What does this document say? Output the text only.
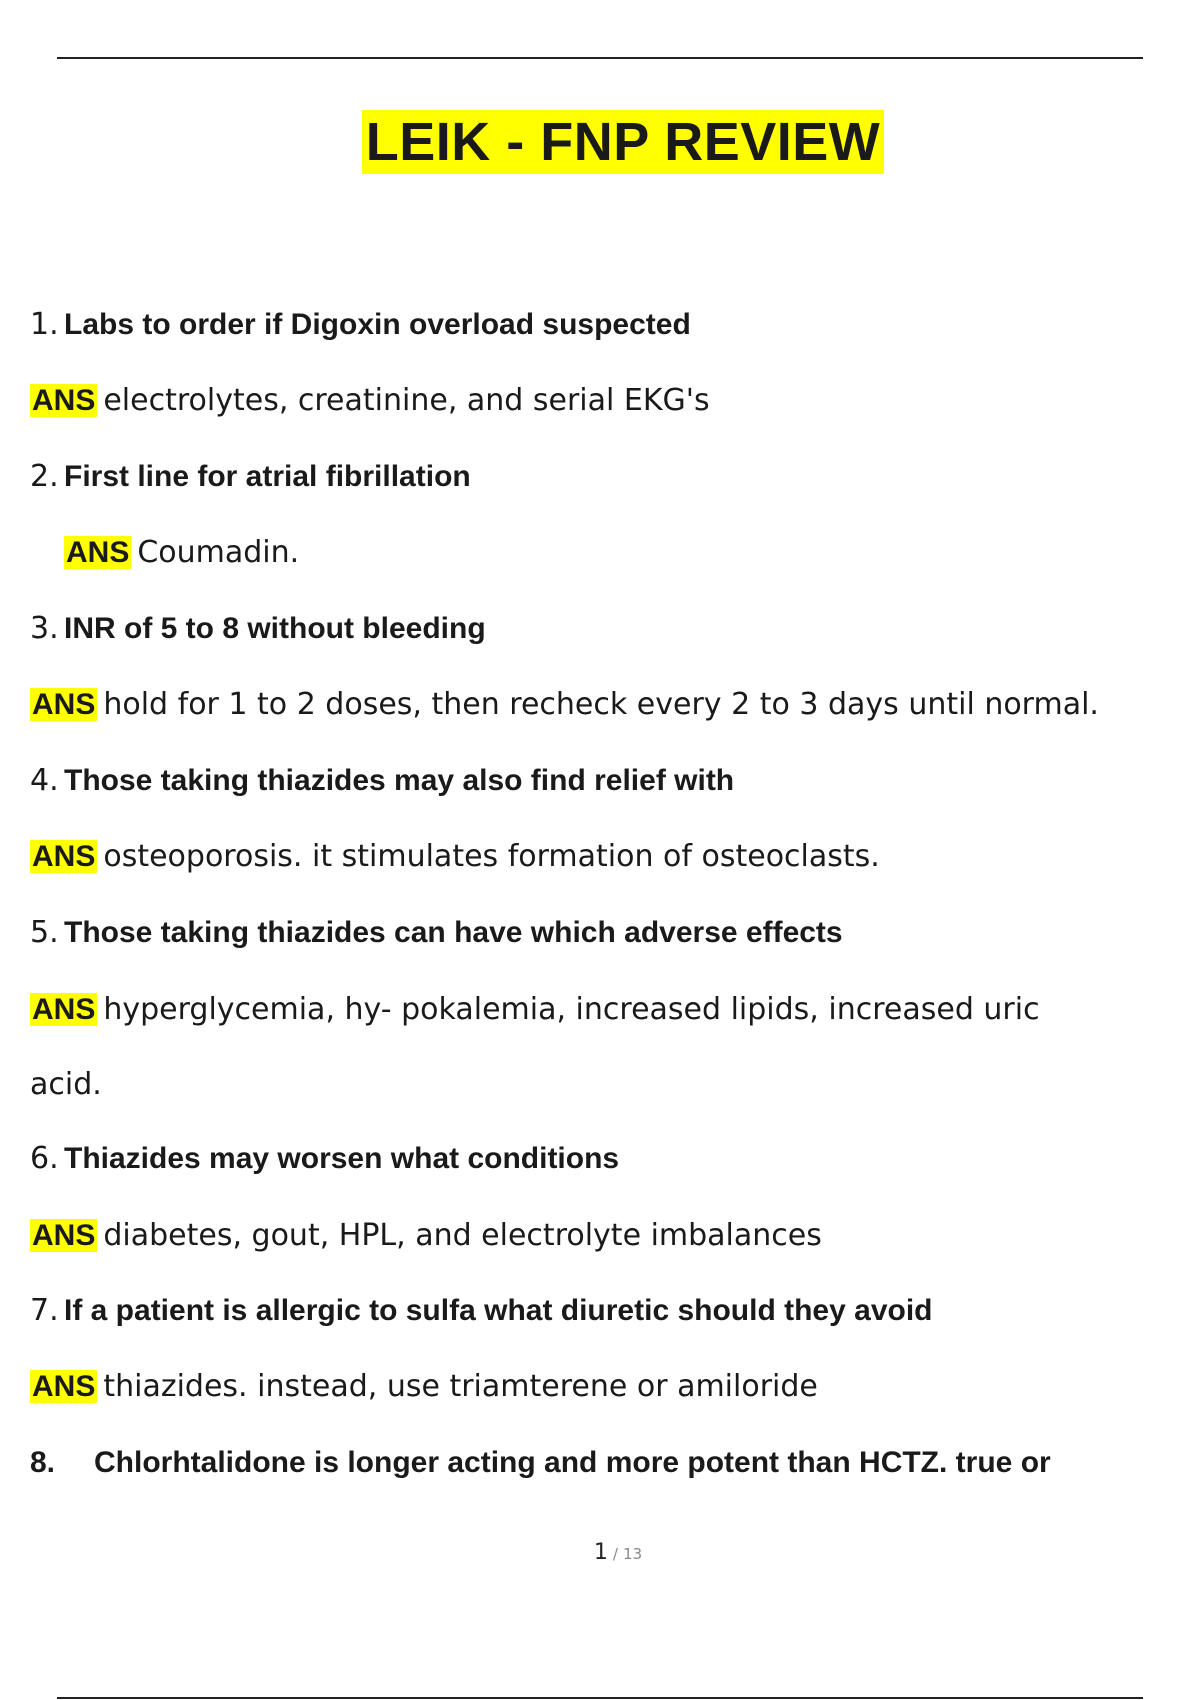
LEIK - FNP REVIEW
1. Labs to order if Digoxin overload suspected
ANS electrolytes, creatinine, and serial EKG's
2. First line for atrial fibrillation
ANS Coumadin.
3. INR of 5 to 8 without bleeding
ANS hold for 1 to 2 doses, then recheck every 2 to 3 days until normal.
4. Those taking thiazides may also find relief with
ANS osteoporosis. it stimulates formation of osteoclasts.
5. Those taking thiazides can have which adverse effects
ANS hyperglycemia, hy- pokalemia, increased lipids, increased uric
acid.
6. Thiazides may worsen what conditions
ANS diabetes, gout, HPL, and electrolyte imbalances
7. If a patient is allergic to sulfa what diuretic should they avoid
ANS thiazides. instead, use triamterene or amiloride
8. Chlorhtalidone is longer acting and more potent than HCTZ. true or
1 / 13
